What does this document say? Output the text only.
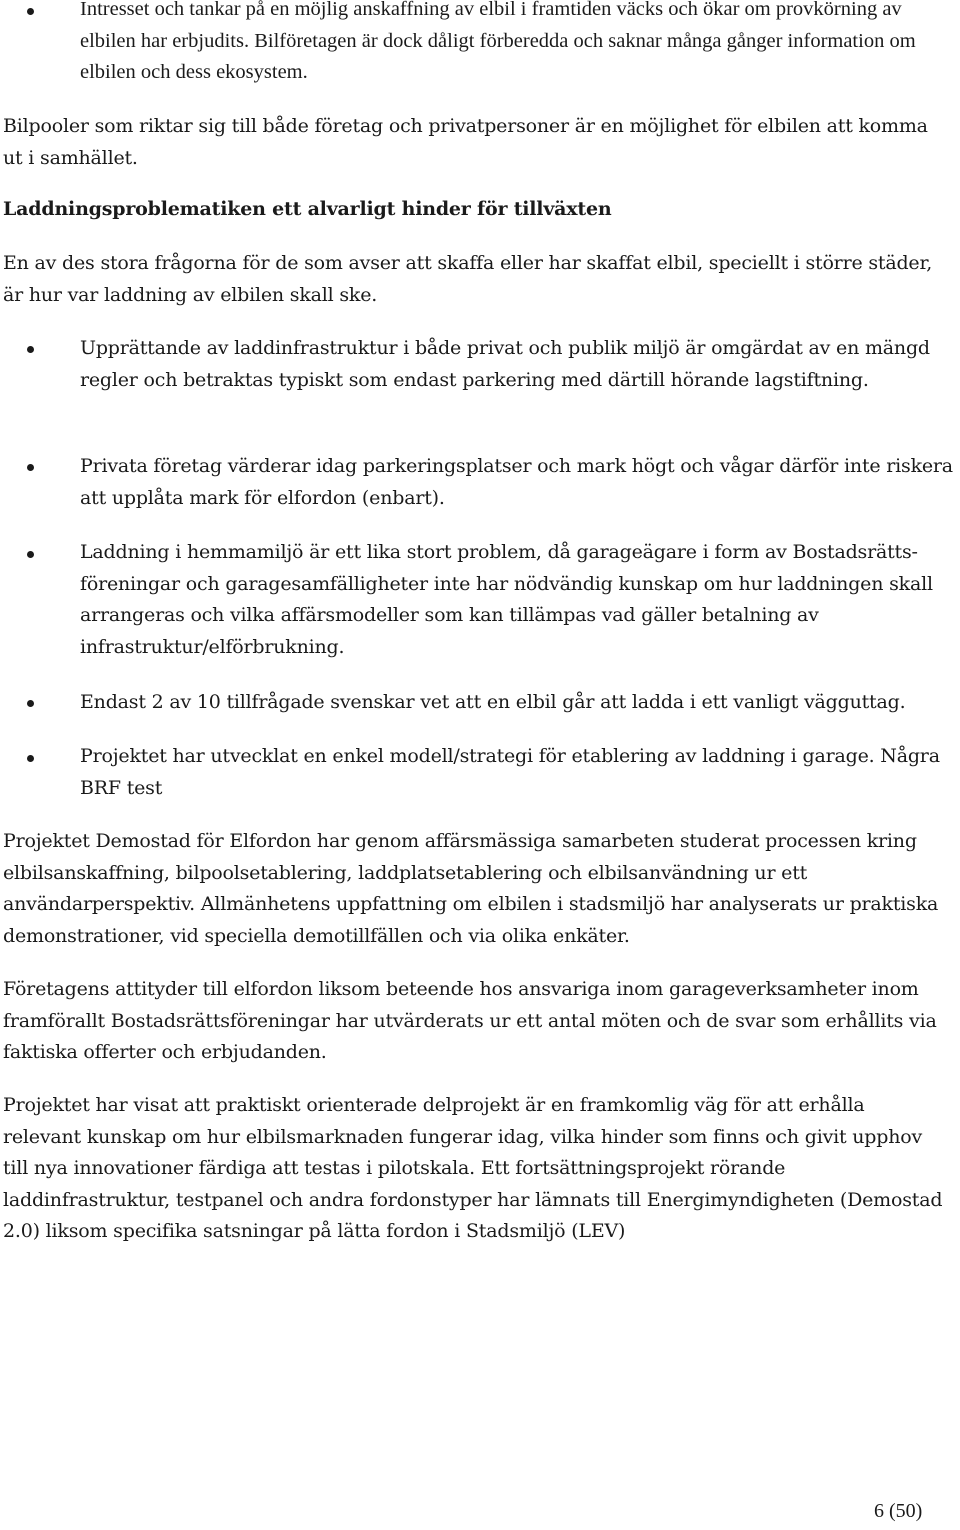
Intresset och tankar på en möjlig anskaffning av elbil i framtiden väcks och ökar om provkörning av elbilen har erbjudits. Bilföretagen är dock dåligt förberedda och saknar många gånger information om elbilen och dess ekosystem.

Bilpooler som riktar sig till både företag och privatpersoner är en möjlighet för elbilen att komma ut i samhället.

Laddningsproblematiken ett alvarligt hinder för tillväxten

En av des stora frågorna för de som avser att skaffa eller har skaffat elbil, speciellt i större städer, är hur var laddning av elbilen skall ske.

Upprättande av laddinfrastruktur i både privat och publik miljö är omgärdat av en mängd regler och betraktas typiskt som endast parkering med därtill hörande lagstiftning.

Privata företag värderar idag parkeringsplatser och mark högt och vågar därför inte riskera att upplåta mark för elfordon (enbart).

Laddning i hemmamiljö är ett lika stort problem, då garageägare i form av Bostadsrätts-föreningar och garagesamfälligheter inte har nödvändig kunskap om hur laddningen skall arrangeras och vilka affärsmodeller som kan tillämpas vad gäller betalning av infrastruktur/elförbrukning.

Endast 2 av 10 tillfrågade svenskar vet att en elbil går att ladda i ett vanligt vägguttag.

Projektet har utvecklat en enkel modell/strategi för etablering av laddning i garage. Några BRF test

Projektet Demostad för Elfordon har genom affärsmässiga samarbeten studerat processen kring elbilsanskaffning, bilpoolsetablering, laddplatsetablering och elbilsanvändning ur ett användarperspektiv. Allmänhetens uppfattning om elbilen i stadsmiljö har analyserats ur praktiska demonstrationer, vid speciella demotillfällen och via olika enkäter.

Företagens attityder till elfordon liksom beteende hos ansvariga inom garageverksamheter inom framförallt Bostadsrättsföreningar har utvärderats ur ett antal möten och de svar som erhållits via faktiska offerter och erbjudanden.

Projektet har visat att praktiskt orienterade delprojekt är en framkomlig väg för att erhålla relevant kunskap om hur elbilsmarknaden fungerar idag, vilka hinder som finns och givit upphov till nya innovationer färdiga att testas i pilotskala. Ett fortsättningsprojekt rörande laddinfrastruktur, testpanel och andra fordonstyper har lämnats till Energimyndigheten (Demostad 2.0) liksom specifika satsningar på lätta fordon i Stadsmiljö (LEV)

6 (50)
